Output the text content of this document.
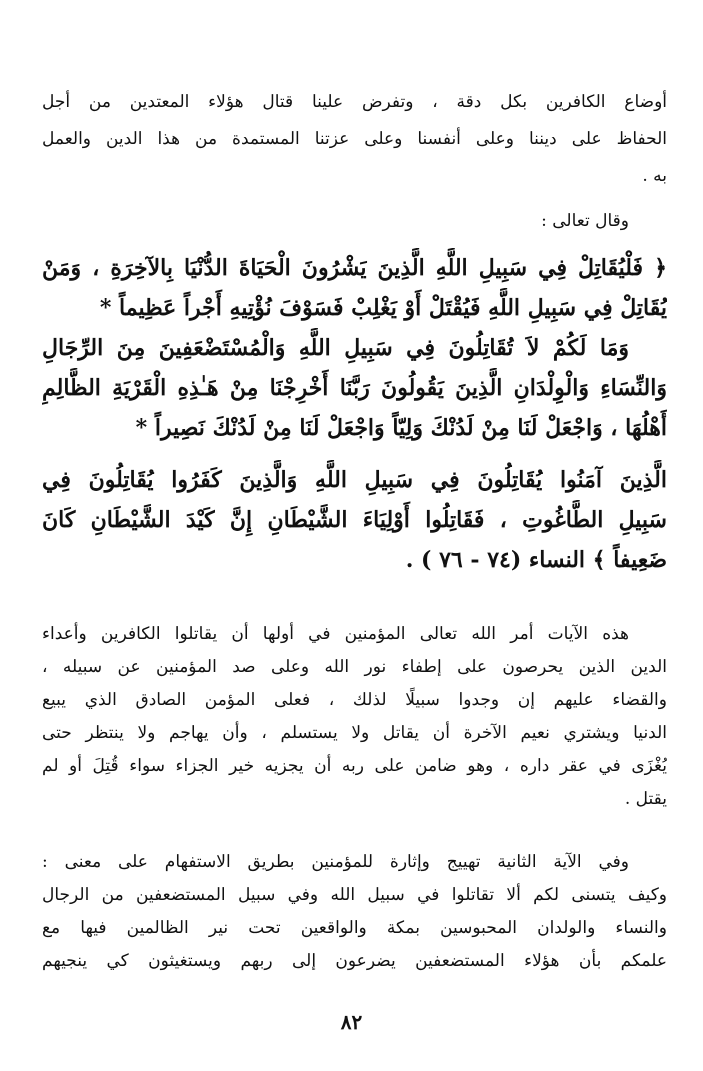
أوضاع الكافرين بكل دقة ، وتفرض علينا قتال هؤلاء المعتدين من أجل
الحفاظ على ديننا وعلى أنفسنا وعلى عزتنا المستمدة من هذا الدين والعمل
به .
وقال تعالى :
﴿ فَلْيُقَاتِلْ فِي سَبِيلِ اللَّهِ الَّذِينَ يَشْرُونَ الْحَيَاةَ الدُّنْيَا بِالآخِرَةِ ، وَمَنْ
يُقَاتِلْ فِي سَبِيلِ اللَّهِ فَيُقْتَلْ أَوْ يَغْلِبْ فَسَوْفَ نُؤْتِيهِ أَجْراً عَظِيماً *
وَمَا لَكُمْ لاَ تُقَاتِلُونَ فِي سَبِيلِ اللَّهِ وَالْمُسْتَضْعَفِينَ مِنَ الرِّجَالِ
وَالنِّسَاءِ وَالْوِلْدَانِ الَّذِينَ يَقُولُونَ رَبَّنَا أَخْرِجْنَا مِنْ هَـٰذِهِ الْقَرْيَةِ الظَّالِمِ
أَهْلُهَا ، وَاجْعَلْ لَنَا مِنْ لَدُنْكَ وَلِيّاً وَاجْعَلْ لَنَا مِنْ لَدُنْكَ نَصِيراً *
الَّذِينَ آمَنُوا يُقَاتِلُونَ فِي سَبِيلِ اللَّهِ وَالَّذِينَ كَفَرُوا يُقَاتِلُونَ فِي
سَبِيلِ الطَّاغُوتِ ، فَقَاتِلُوا أَوْلِيَاءَ الشَّيْطَانِ إِنَّ كَيْدَ الشَّيْطَانِ كَانَ
ضَعِيفاً ﴾ النساء (٧٤ - ٧٦ ) .
هذه الآيات أمر الله تعالى المؤمنين في أولها أن يقاتلوا الكافرين وأعداء
الدين الذين يحرصون على إطفاء نور الله وعلى صد المؤمنين عن سبيله ،
والقضاء عليهم إن وجدوا سبيلًا لذلك ، فعلى المؤمن الصادق الذي يبيع
الدنيا ويشتري نعيم الآخرة أن يقاتل ولا يستسلم ، وأن يهاجم ولا ينتظر حتى
يُغْزَى في عقر داره ، وهو ضامن على ربه أن يجزيه خير الجزاء سواء قُتِلَ أو لم
يقتل .
وفي الآية الثانية تهييج وإثارة للمؤمنين بطريق الاستفهام على معنى :
وكيف يتسنى لكم ألا تقاتلوا في سبيل الله وفي سبيل المستضعفين من الرجال
والنساء والولدان المحبوسين بمكة والواقعين تحت نير الظالمين فيها مع
علمكم بأن هؤلاء المستضعفين يضرعون إلى ربهم ويستغيثون كي ينجيهم
٨٢
